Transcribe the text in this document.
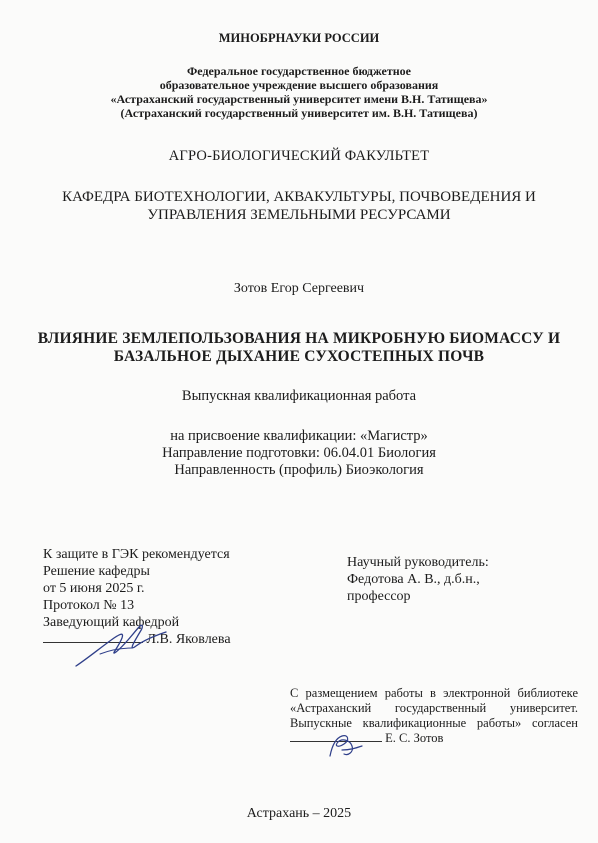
МИНОБРНАУКИ РОССИИ
Федеральное государственное бюджетное
образовательное учреждение высшего образования
«Астраханский государственный университет имени В.Н. Татищева»
(Астраханский государственный университет им. В.Н. Татищева)
АГРО-БИОЛОГИЧЕСКИЙ ФАКУЛЬТЕТ
КАФЕДРА БИОТЕХНОЛОГИИ, АКВАКУЛЬТУРЫ, ПОЧВОВЕДЕНИЯ И
УПРАВЛЕНИЯ ЗЕМЕЛЬНЫМИ РЕСУРСАМИ
Зотов Егор Сергеевич
ВЛИЯНИЕ ЗЕМЛЕПОЛЬЗОВАНИЯ НА МИКРОБНУЮ БИОМАССУ И
БАЗАЛЬНОЕ ДЫХАНИЕ СУХОСТЕПНЫХ ПОЧВ
Выпускная квалификационная работа
на присвоение квалификации: «Магистр»
Направление подготовки: 06.04.01 Биология
Направленность (профиль) Биоэкология
К защите в ГЭК рекомендуется
Решение кафедры
от 5 июня 2025 г.
Протокол № 13
Заведующий кафедрой
Л.В. Яковлева
Научный руководитель:
Федотова А. В., д.б.н.,
профессор
С размещением работы в электронной библиотеке
«Астраханский государственный университет.
Выпускные квалификационные работы» согласен
Е. С. Зотов
Астрахань – 2025
